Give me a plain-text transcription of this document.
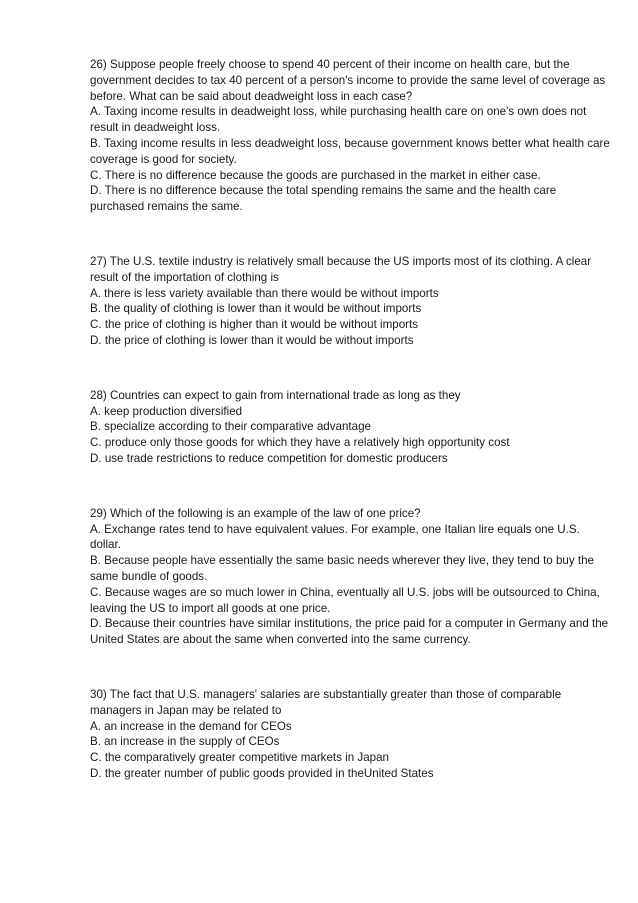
26) Suppose people freely choose to spend 40 percent of their income on health care, but the government decides to tax 40 percent of a person's income to provide the same level of coverage as before. What can be said about deadweight loss in each case?
A. Taxing income results in deadweight loss, while purchasing health care on one's own does not result in deadweight loss.
B. Taxing income results in less deadweight loss, because government knows better what health care coverage is good for society.
C. There is no difference because the goods are purchased in the market in either case.
D. There is no difference because the total spending remains the same and the health care purchased remains the same.

27) The U.S. textile industry is relatively small because the US imports most of its clothing. A clear result of the importation of clothing is
A. there is less variety available than there would be without imports
B. the quality of clothing is lower than it would be without imports
C. the price of clothing is higher than it would be without imports
D. the price of clothing is lower than it would be without imports

28) Countries can expect to gain from international trade as long as they
A. keep production diversified
B. specialize according to their comparative advantage
C. produce only those goods for which they have a relatively high opportunity cost
D. use trade restrictions to reduce competition for domestic producers

29) Which of the following is an example of the law of one price?
A. Exchange rates tend to have equivalent values. For example, one Italian lire equals one U.S. dollar.
B. Because people have essentially the same basic needs wherever they live, they tend to buy the same bundle of goods.
C. Because wages are so much lower in China, eventually all U.S. jobs will be outsourced to China, leaving the US to import all goods at one price.
D. Because their countries have similar institutions, the price paid for a computer in Germany and the United States are about the same when converted into the same currency.

30) The fact that U.S. managers' salaries are substantially greater than those of comparable managers in Japan may be related to
A. an increase in the demand for CEOs
B. an increase in the supply of CEOs
C. the comparatively greater competitive markets in Japan
D. the greater number of public goods provided in theUnited States
